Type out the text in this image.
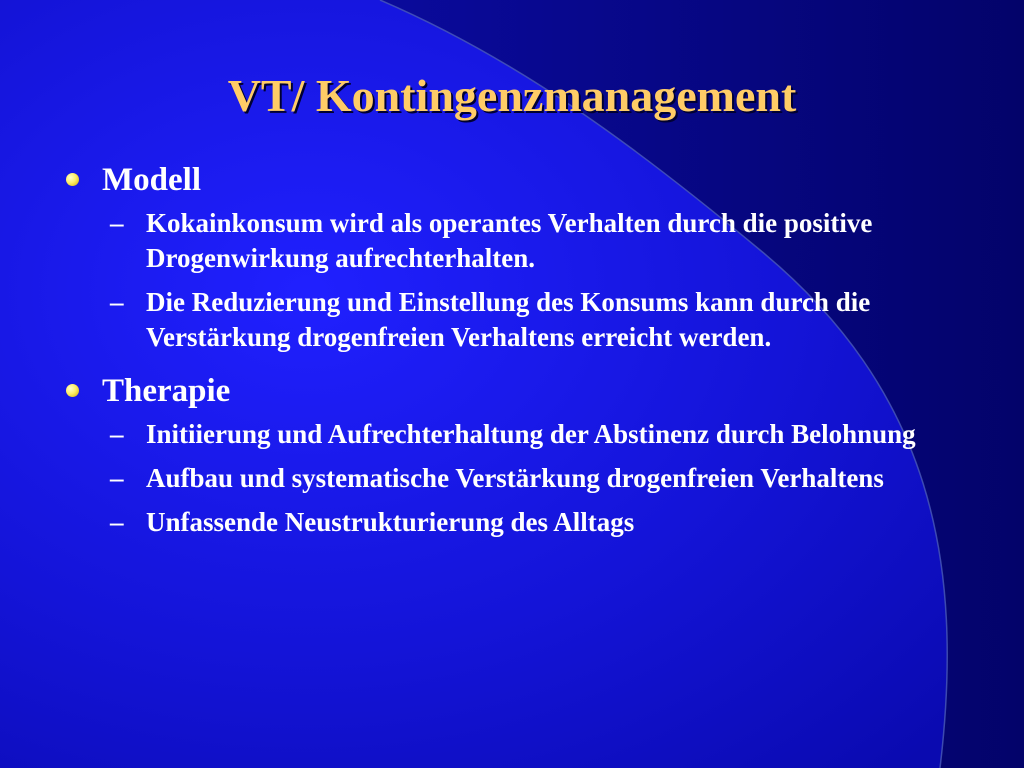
VT/ Kontingenzmanagement
Modell
– Kokainkonsum wird als operantes Verhalten durch die positive Drogenwirkung aufrechterhalten.
– Die Reduzierung und Einstellung des Konsums kann durch die Verstärkung drogenfreien Verhaltens erreicht werden.
Therapie
– Initiierung und Aufrechterhaltung der Abstinenz durch Belohnung
– Aufbau und systematische Verstärkung drogenfreien Verhaltens
– Unfassende Neustrukturierung des Alltags
